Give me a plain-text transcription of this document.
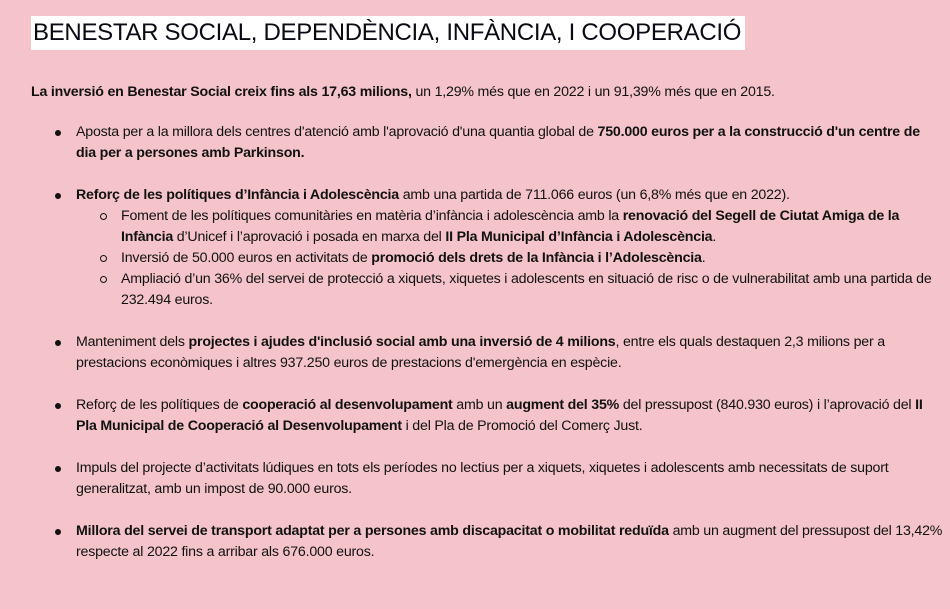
BENESTAR SOCIAL, DEPENDÈNCIA, INFÀNCIA, I COOPERACIÓ
La inversió en Benestar Social creix fins als 17,63 milions, un 1,29% més que en 2022 i un 91,39% més que en 2015.
Aposta per a la millora dels centres d'atenció amb l'aprovació d'una quantia global de 750.000 euros per a la construcció d'un centre de dia per a persones amb Parkinson.
Reforç de les polítiques d’Infància i Adolescència amb una partida de 711.066 euros (un 6,8% més que en 2022).
Foment de les polítiques comunitàries en matèria d’infància i adolescència amb la renovació del Segell de Ciutat Amiga de la Infància d’Unicef i l’aprovació i posada en marxa del II Pla Municipal d’Infància i Adolescència.
Inversió de 50.000 euros en activitats de promoció dels drets de la Infància i l’Adolescència.
Ampliació d’un 36% del servei de protecció a xiquets, xiquetes i adolescents en situació de risc o de vulnerabilitat amb una partida de 232.494 euros.
Manteniment dels projectes i ajudes d'inclusió social amb una inversió de 4 milions, entre els quals destaquen 2,3 milions per a prestacions econòmiques i altres 937.250 euros de prestacions d'emergència en espècie.
Reforç de les polítiques de cooperació al desenvolupament amb un augment del 35% del pressupost (840.930 euros) i l’aprovació del II Pla Municipal de Cooperació al Desenvolupament i del Pla de Promoció del Comerç Just.
Impuls del projecte d’activitats lúdiques en tots els períodes no lectius per a xiquets, xiquetes i adolescents amb necessitats de suport generalitzat, amb un impost de 90.000 euros.
Millora del servei de transport adaptat per a persones amb discapacitat o mobilitat reduïda amb un augment del pressupost del 13,42% respecte al 2022 fins a arribar als 676.000 euros.
